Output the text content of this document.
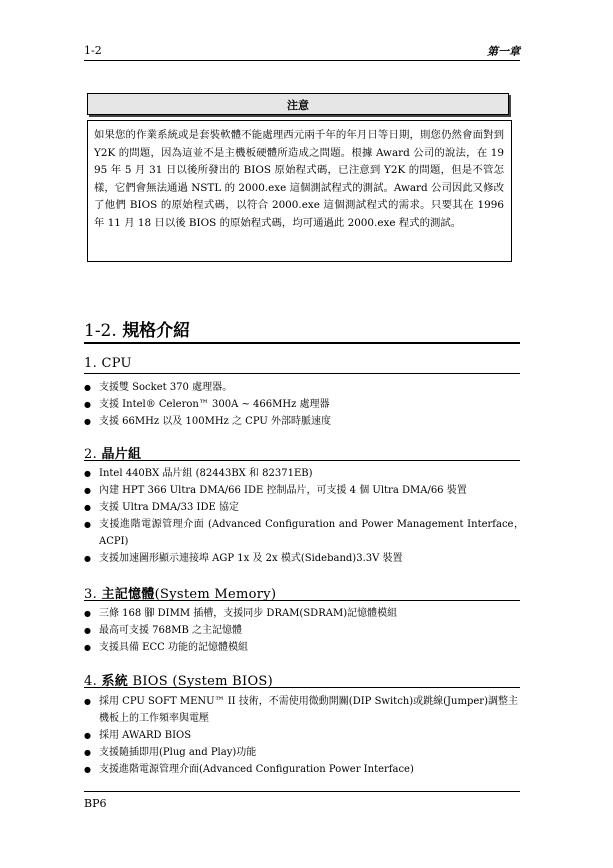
1-2	第一章
注意
如果您的作業系統或是套裝軟體不能處理西元兩千年的年月日等日期，則您仍然會面對到 Y2K 的問題，因為這並不是主機板硬體所造成之問題。根據 Award 公司的說法，在 1995 年 5 月 31 日以後所發出的 BIOS 原始程式碼，已注意到 Y2K 的問題，但是不管怎樣，它們會無法通過 NSTL 的 2000.exe 這個測試程式的測試。Award 公司因此又修改了他們 BIOS 的原始程式碼，以符合 2000.exe 這個測試程式的需求。只要其在 1996 年 11 月 18 日以後 BIOS 的原始程式碼，均可通過此 2000.exe 程式的測試。
1-2. 規格介紹
1. CPU
● 支援雙 Socket 370 處理器。
● 支援 Intel® Celeron™ 300A ~ 466MHz 處理器
● 支援 66MHz 以及 100MHz 之 CPU 外部時脈速度
2. 晶片組
● Intel 440BX 晶片組 (82443BX 和 82371EB)
● 內建 HPT 366 Ultra DMA/66 IDE 控制晶片，可支援 4 個 Ultra DMA/66 裝置
● 支援 Ultra DMA/33 IDE 協定
● 支援進階電源管理介面 (Advanced Configuration and Power Management Interface，ACPI)
● 支援加速圖形顯示連接埠 AGP 1x 及 2x 模式(Sideband)3.3V 裝置
3. 主記憶體(System Memory)
● 三條 168 腳 DIMM 插槽，支援同步 DRAM(SDRAM)記憶體模組
● 最高可支援 768MB 之主記憶體
● 支援具備 ECC 功能的記憶體模組
4. 系統 BIOS (System BIOS)
● 採用 CPU SOFT MENU™ II 技術，不需使用微動開關(DIP Switch)或跳線(Jumper)調整主機板上的工作頻率與電壓
● 採用 AWARD BIOS
● 支援隨插即用(Plug and Play)功能
● 支援進階電源管理介面(Advanced Configuration Power Interface)
BP6
